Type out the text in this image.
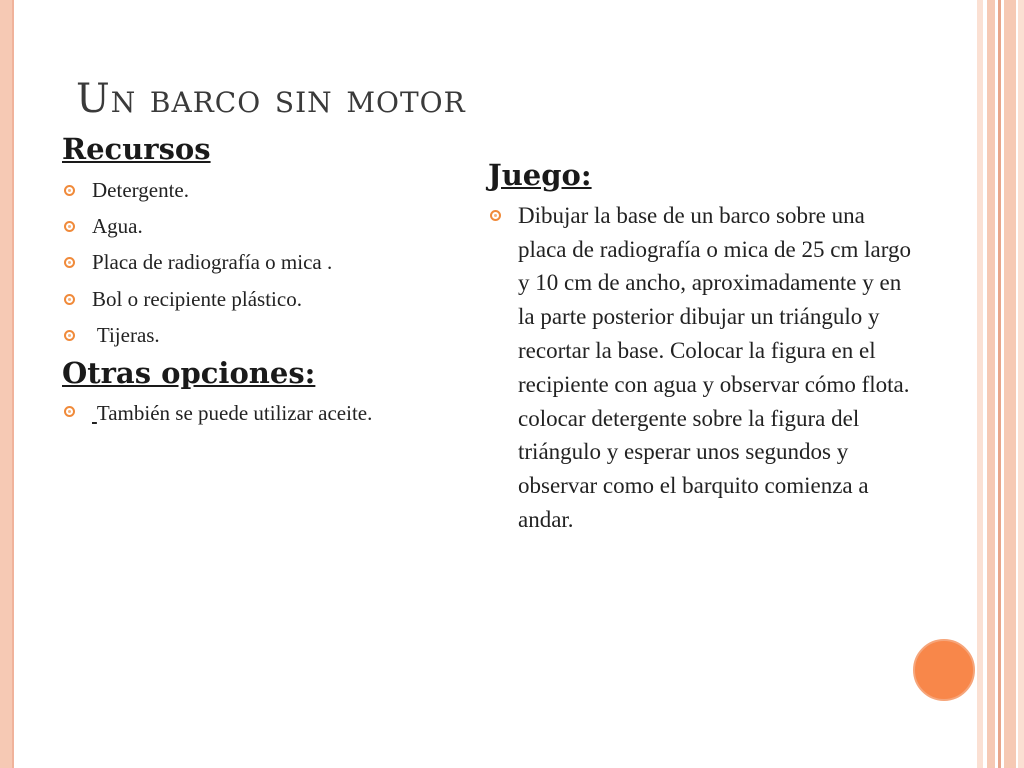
Un barco sin motor
Recursos
Detergente.
Agua.
Placa de radiografía o mica .
Bol o recipiente plástico.
Tijeras.
Otras opciones:
También se puede utilizar aceite.
Juego:
Dibujar la base de un barco sobre una placa de radiografía o mica de 25 cm largo y 10 cm de ancho, aproximadamente y en la parte posterior dibujar un triángulo y recortar la base. Colocar la figura en el recipiente con agua y observar cómo flota. colocar detergente sobre la figura del triángulo y esperar unos segundos y observar como el barquito comienza a andar.
